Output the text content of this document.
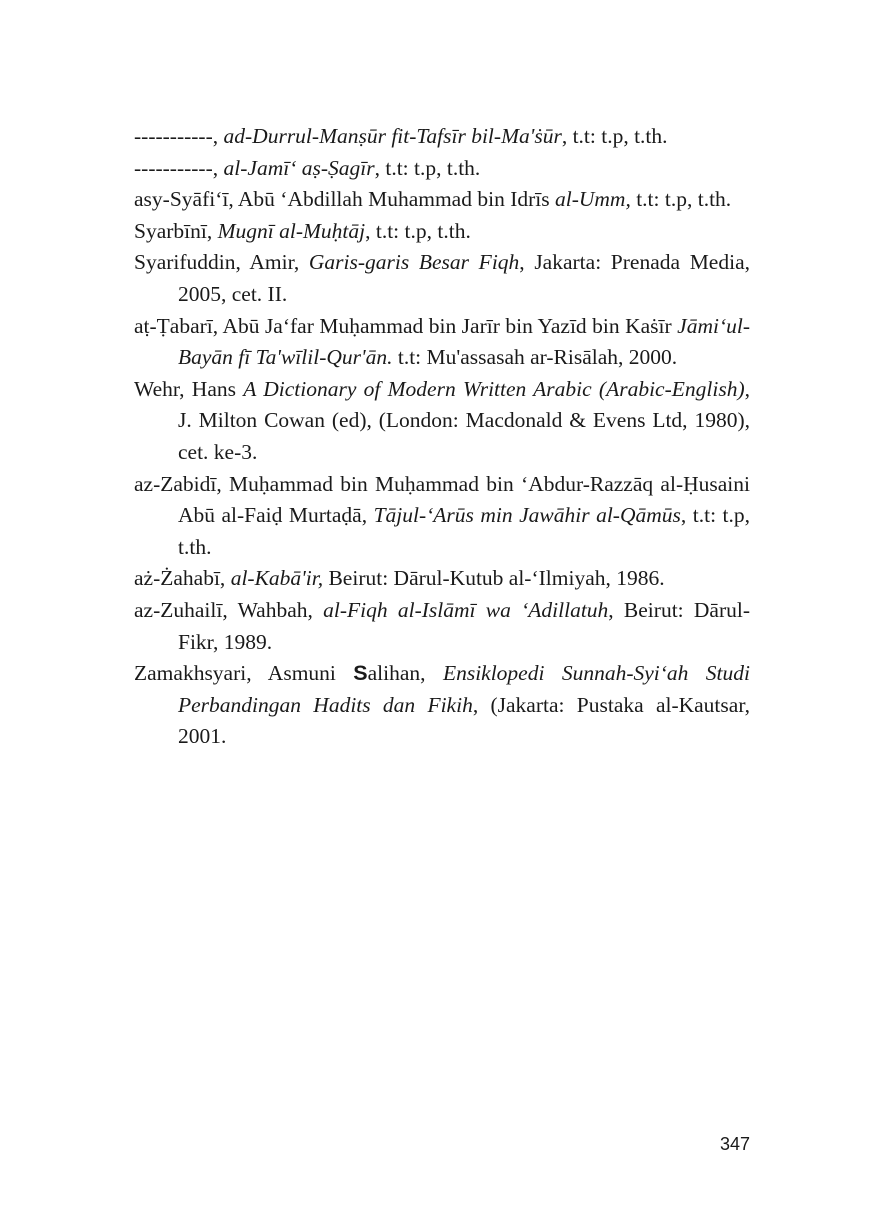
-----------, ad-Durrul-Manṣūr fit-Tafsīr bil-Ma'ṡūr, t.t: t.p, t.th.

-----------, al-Jamī‘ aṣ-Ṣagīr, t.t: t.p, t.th.

asy-Syāfi‘ī, Abū ‘Abdillah Muhammad bin Idrīs al-Umm, t.t: t.p, t.th.

Syarbīnī, Mugnī al-Muḥtāj, t.t: t.p, t.th.

Syarifuddin, Amir, Garis-garis Besar Fiqh, Jakarta: Prenada Media, 2005, cet. II.

aṭ-Ṭabarī, Abū Ja‘far Muḥammad bin Jarīr bin Yazīd bin Kaṡīr Jāmi‘ul-Bayān fī Ta'wīlil-Qur'ān. t.t: Mu'assasah ar-Risālah, 2000.

Wehr, Hans A Dictionary of Modern Written Arabic (Arabic-English), J. Milton Cowan (ed), (London: Macdonald & Evens Ltd, 1980), cet. ke-3.

az-Zabidī, Muḥammad bin Muḥammad bin ‘Abdur-Razzāq al-Ḥusaini Abū al-Faiḍ Murtaḍā, Tājul-‘Arūs min Jawāhir al-Qāmūs, t.t: t.p, t.th.

aż-Żahabī, al-Kabā'ir, Beirut: Dārul-Kutub al-‘Ilmiyah, 1986.

az-Zuhailī, Wahbah, al-Fiqh al-Islāmī wa ‘Adillatuh, Beirut: Dārul-Fikr, 1989.

Zamakhsyari, Asmuni Salihan, Ensiklopedi Sunnah-Syi‘ah Studi Perbandingan Hadits dan Fikih, (Jakarta: Pustaka al-Kautsar, 2001.

347
